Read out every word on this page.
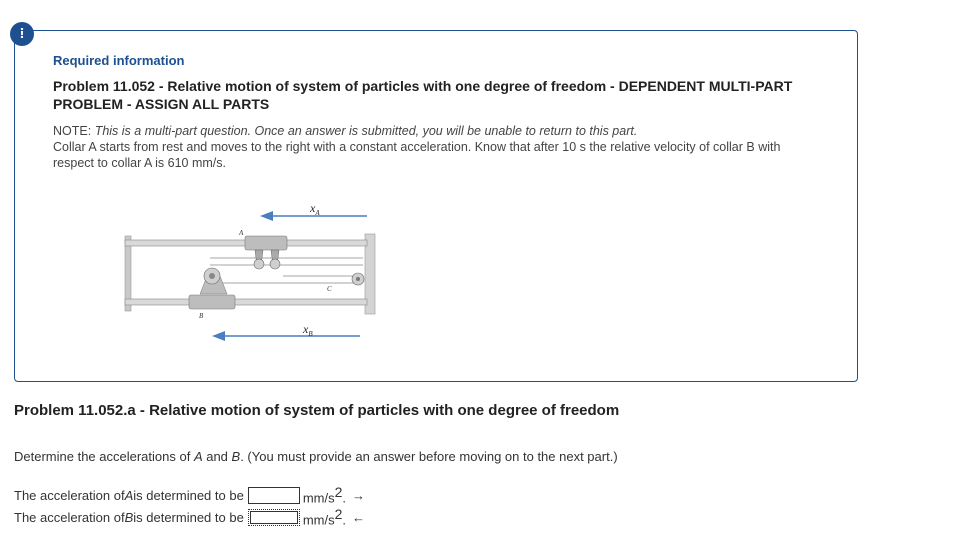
!
Required information
Problem 11.052 - Relative motion of system of particles with one degree of freedom - DEPENDENT MULTI-PART PROBLEM - ASSIGN ALL PARTS
NOTE: This is a multi-part question. Once an answer is submitted, you will be unable to return to this part.
Collar A starts from rest and moves to the right with a constant acceleration. Know that after 10 s the relative velocity of collar B with respect to collar A is 610 mm/s.
$x_A$
A
C
B
$x_B$
Problem 11.052.a - Relative motion of system of particles with one degree of freedom
Determine the accelerations of A and B. (You must provide an answer before moving on to the next part.)
The acceleration of A is determined to be	$mm/s^2$. →
The acceleration of B is determined to be	$mm/s^2$. ←
